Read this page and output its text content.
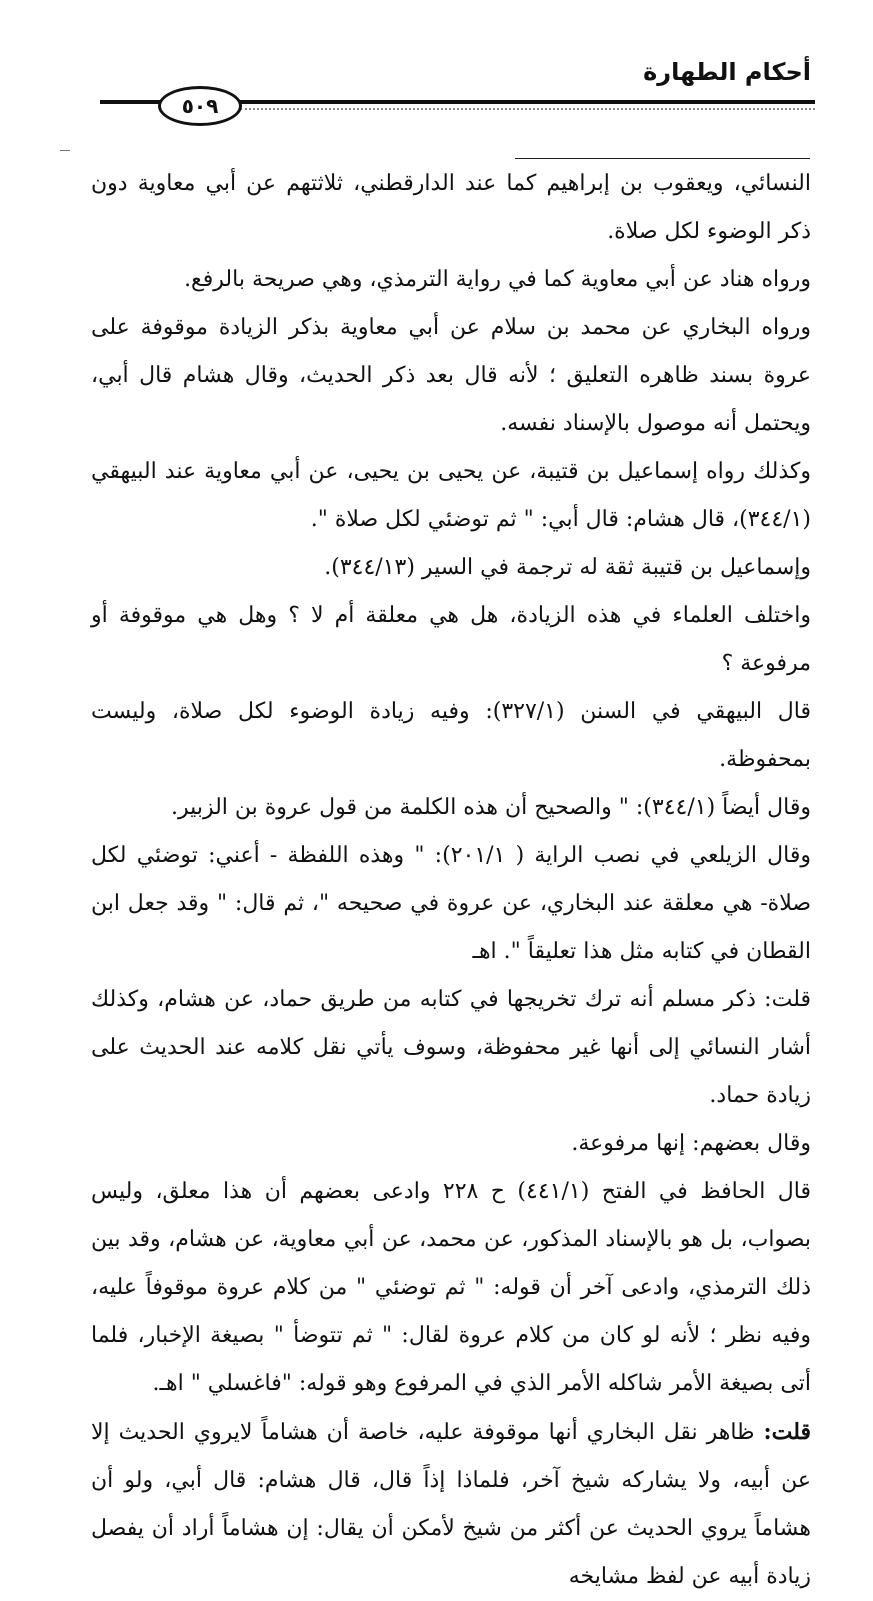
أحكام الطهارة
٥٠٩

النسائي، ويعقوب بن إبراهيم كما عند الدارقطني، ثلاثتهم عن أبي معاوية دون ذكر الوضوء لكل صلاة.

ورواه هناد عن أبي معاوية كما في رواية الترمذي، وهي صريحة بالرفع.

ورواه البخاري عن محمد بن سلام عن أبي معاوية بذكر الزيادة موقوفة على عروة بسند ظاهره التعليق ؛ لأنه قال بعد ذكر الحديث، وقال هشام قال أبي، ويحتمل أنه موصول بالإسناد نفسه.

وكذلك رواه إسماعيل بن قتيبة، عن يحيى بن يحيى، عن أبي معاوية عند البيهقي (٣٤٤/١)، قال هشام: قال أبي: " ثم توضئي لكل صلاة ".

وإسماعيل بن قتيبة ثقة له ترجمة في السير (٣٤٤/١٣).

واختلف العلماء في هذه الزيادة، هل هي معلقة أم لا ؟ وهل هي موقوفة أو مرفوعة ؟

قال البيهقي في السنن (٣٢٧/١): وفيه زيادة الوضوء لكل صلاة، وليست بمحفوظة.

وقال أيضاً (٣٤٤/١): " والصحيح أن هذه الكلمة من قول عروة بن الزبير.

وقال الزيلعي في نصب الراية ( ٢٠١/١): " وهذه اللفظة - أعني: توضئي لكل صلاة- هي معلقة عند البخاري، عن عروة في صحيحه "، ثم قال: " وقد جعل ابن القطان في كتابه مثل هذا تعليقاً ". اهـ

قلت: ذكر مسلم أنه ترك تخريجها في كتابه من طريق حماد، عن هشام، وكذلك أشار النسائي إلى أنها غير محفوظة، وسوف يأتي نقل كلامه عند الحديث على زيادة حماد.

وقال بعضهم: إنها مرفوعة.

قال الحافظ في الفتح (٤٤١/١) ح ٢٢٨ وادعى بعضهم أن هذا معلق، وليس بصواب، بل هو بالإسناد المذكور، عن محمد، عن أبي معاوية، عن هشام، وقد بين ذلك الترمذي، وادعى آخر أن قوله: " ثم توضئي " من كلام عروة موقوفاً عليه، وفيه نظر ؛ لأنه لو كان من كلام عروة لقال: " ثم تتوضأ " بصيغة الإخبار، فلما أتى بصيغة الأمر شاكله الأمر الذي في المرفوع وهو قوله: "فاغسلي " اهـ.

قلت: ظاهر نقل البخاري أنها موقوفة عليه، خاصة أن هشاماً لايروي الحديث إلا عن أبيه، ولا يشاركه شيخ آخر، فلماذا إذاً قال، قال هشام: قال أبي، ولو أن هشاماً يروي الحديث عن أكثر من شيخ لأمكن أن يقال: إن هشاماً أراد أن يفصل زيادة أبيه عن لفظ مشايخه
